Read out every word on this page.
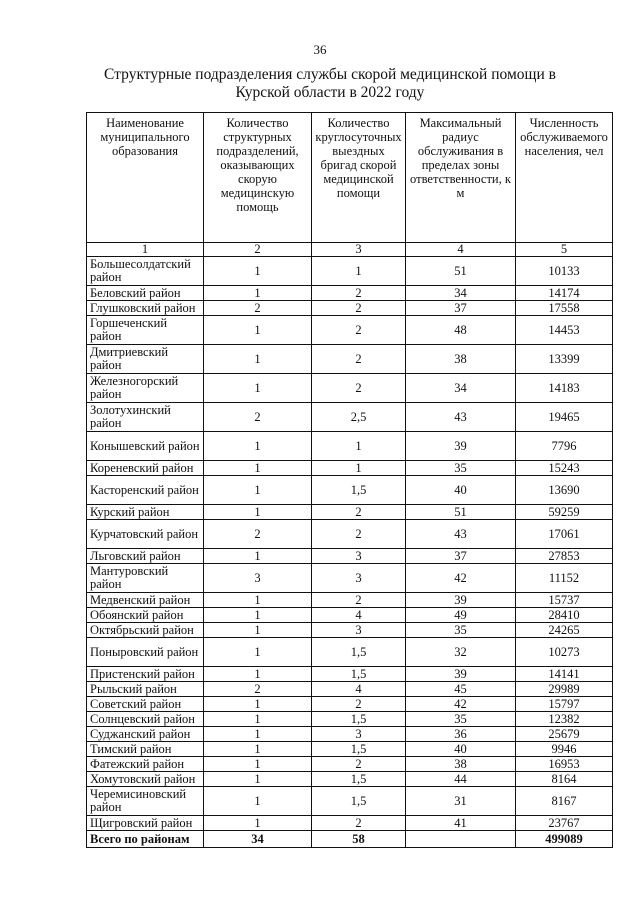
36
Структурные подразделения службы скорой медицинской помощи в
Курской области в 2022 году
Наименование муниципального образования	Количество структурных подразделений, оказывающих скорую медицинскую помощь	Количество круглосуточных выездных бригад скорой медицинской помощи	Максимальный радиус обслуживания в пределах зоны ответственности, к м	Численность обслуживаемого населения, чел
1	2	3	4	5
Большесолдатский район	1	1	51	10133
Беловский район	1	2	34	14174
Глушковский район	2	2	37	17558
Горшеченский район	1	2	48	14453
Дмитриевский район	1	2	38	13399
Железногорский район	1	2	34	14183
Золотухинский район	2	2,5	43	19465
Конышевский район	1	1	39	7796
Кореневский район	1	1	35	15243
Касторенский район	1	1,5	40	13690
Курский район	1	2	51	59259
Курчатовский район	2	2	43	17061
Льговский район	1	3	37	27853
Мантуровский район	3	3	42	11152
Медвенский район	1	2	39	15737
Обоянский район	1	4	49	28410
Октябрьский район	1	3	35	24265
Поныровский район	1	1,5	32	10273
Пристенский район	1	1,5	39	14141
Рыльский район	2	4	45	29989
Советский район	1	2	42	15797
Солнцевский район	1	1,5	35	12382
Суджанский район	1	3	36	25679
Тимский район	1	1,5	40	9946
Фатежский район	1	2	38	16953
Хомутовский район	1	1,5	44	8164
Черемисиновский район	1	1,5	31	8167
Щигровский район	1	2	41	23767
Всего по районам	34	58		499089
